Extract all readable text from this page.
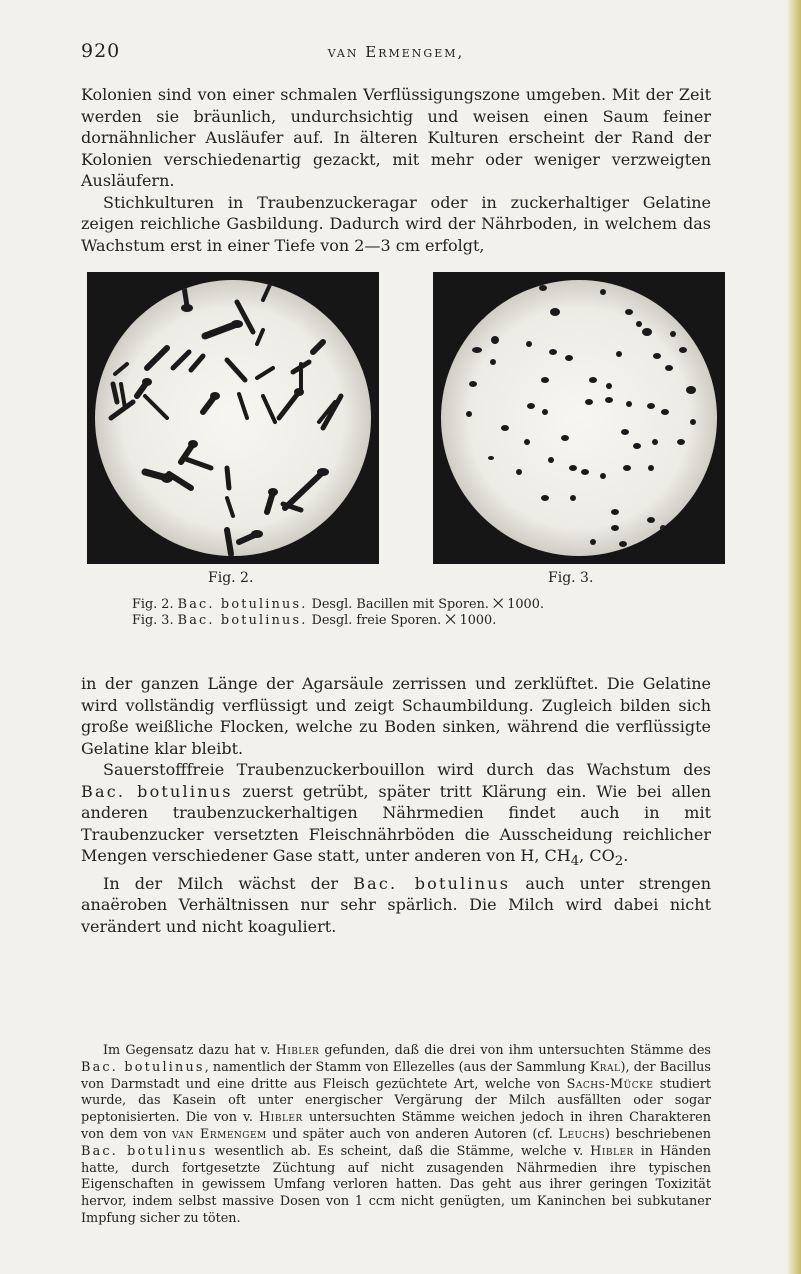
920	van Ermengem,

Kolonien sind von einer schmalen Verflüssigungszone umgeben. Mit der Zeit werden sie bräunlich, undurchsichtig und weisen einen Saum feiner dornähnlicher Ausläufer auf. In älteren Kulturen erscheint der Rand der Kolonien verschiedenartig gezackt, mit mehr oder weniger verzweigten Ausläufern.

Stichkulturen in Traubenzuckeragar oder in zuckerhaltiger Gelatine zeigen reichliche Gasbildung. Dadurch wird der Nährboden, in welchem das Wachstum erst in einer Tiefe von 2—3 cm erfolgt,

Fig. 2.	Fig. 3.
Fig. 2. Bac. botulinus. Desgl. Bacillen mit Sporen. ⨉ 1000.
Fig. 3. Bac. botulinus. Desgl. freie Sporen. ⨉ 1000.

in der ganzen Länge der Agarsäule zerrissen und zerklüftet. Die Gelatine wird vollständig verflüssigt und zeigt Schaumbildung. Zugleich bilden sich große weißliche Flocken, welche zu Boden sinken, während die verflüssigte Gelatine klar bleibt.

Sauerstofffreie Traubenzuckerbouillon wird durch das Wachstum des Bac. botulinus zuerst getrübt, später tritt Klärung ein. Wie bei allen anderen traubenzuckerhaltigen Nährmedien findet auch in mit Traubenzucker versetzten Fleischnährböden die Ausscheidung reichlicher Mengen verschiedener Gase statt, unter anderen von H, $CH_4$, $CO_2$.

In der Milch wächst der Bac. botulinus auch unter strengen anaëroben Verhältnissen nur sehr spärlich. Die Milch wird dabei nicht verändert und nicht koaguliert.

Im Gegensatz dazu hat v. Hibler gefunden, daß die drei von ihm untersuchten Stämme des Bac. botulinus, namentlich der Stamm von Ellezelles (aus der Sammlung Kral), der Bacillus von Darmstadt und eine dritte aus Fleisch gezüchtete Art, welche von Sachs-Mücke studiert wurde, das Kasein oft unter energischer Vergärung der Milch ausfällten oder sogar peptonisierten. Die von v. Hibler untersuchten Stämme weichen jedoch in ihren Charakteren von dem von van Ermengem und später auch von anderen Autoren (cf. Leuchs) beschriebenen Bac. botulinus wesentlich ab. Es scheint, daß die Stämme, welche v. Hibler in Händen hatte, durch fortgesetzte Züchtung auf nicht zusagenden Nährmedien ihre typischen Eigenschaften in gewissem Umfang verloren hatten. Das geht aus ihrer geringen Toxizität hervor, indem selbst massive Dosen von 1 ccm nicht genügten, um Kaninchen bei subkutaner Impfung sicher zu töten.
